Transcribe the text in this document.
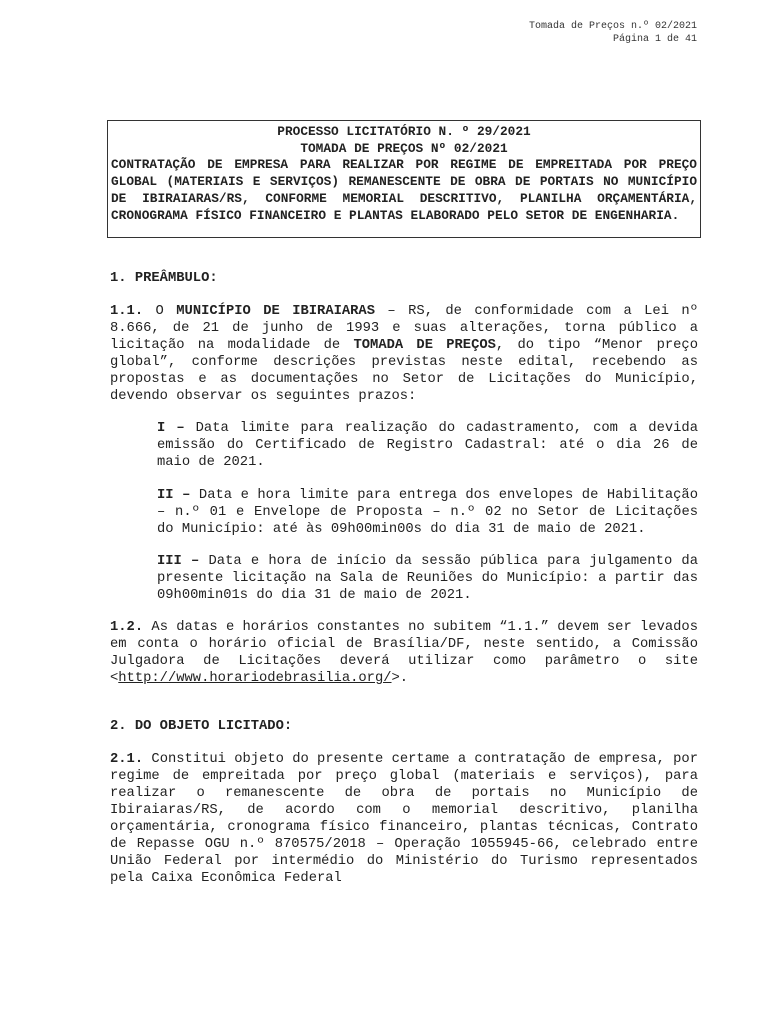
Tomada de Preços n.º 02/2021
Página 1 de 41
PROCESSO LICITATÓRIO N. º 29/2021
TOMADA DE PREÇOS Nº 02/2021
CONTRATAÇÃO DE EMPRESA PARA REALIZAR POR REGIME DE EMPREITADA POR PREÇO GLOBAL (MATERIAIS E SERVIÇOS) REMANESCENTE DE OBRA DE PORTAIS NO MUNICÍPIO DE IBIRAIARAS/RS, CONFORME MEMORIAL DESCRITIVO, PLANILHA ORÇAMENTÁRIA, CRONOGRAMA FÍSICO FINANCEIRO E PLANTAS ELABORADO PELO SETOR DE ENGENHARIA.
1. PREÂMBULO:

1.1. O MUNICÍPIO DE IBIRAIARAS – RS, de conformidade com a Lei nº 8.666, de 21 de junho de 1993 e suas alterações, torna público a licitação na modalidade de TOMADA DE PREÇOS, do tipo “Menor preço global”, conforme descrições previstas neste edital, recebendo as propostas e as documentações no Setor de Licitações do Município, devendo observar os seguintes prazos:

I – Data limite para realização do cadastramento, com a devida emissão do Certificado de Registro Cadastral: até o dia 26 de maio de 2021.

II – Data e hora limite para entrega dos envelopes de Habilitação – n.º 01 e Envelope de Proposta – n.º 02 no Setor de Licitações do Município: até às 09h00min00s do dia 31 de maio de 2021.

III – Data e hora de início da sessão pública para julgamento da presente licitação na Sala de Reuniões do Município: a partir das 09h00min01s do dia 31 de maio de 2021.

1.2. As datas e horários constantes no subitem “1.1.” devem ser levados em conta o horário oficial de Brasília/DF, neste sentido, a Comissão Julgadora de Licitações deverá utilizar como parâmetro o site <http://www.horariodebrasilia.org/>.

2. DO OBJETO LICITADO:

2.1. Constitui objeto do presente certame a contratação de empresa, por regime de empreitada por preço global (materiais e serviços), para realizar o remanescente de obra de portais no Município de Ibiraiaras/RS, de acordo com o memorial descritivo, planilha orçamentária, cronograma físico financeiro, plantas técnicas, Contrato de Repasse OGU n.º 870575/2018 – Operação 1055945-66, celebrado entre União Federal por intermédio do Ministério do Turismo representados pela Caixa Econômica Federal
